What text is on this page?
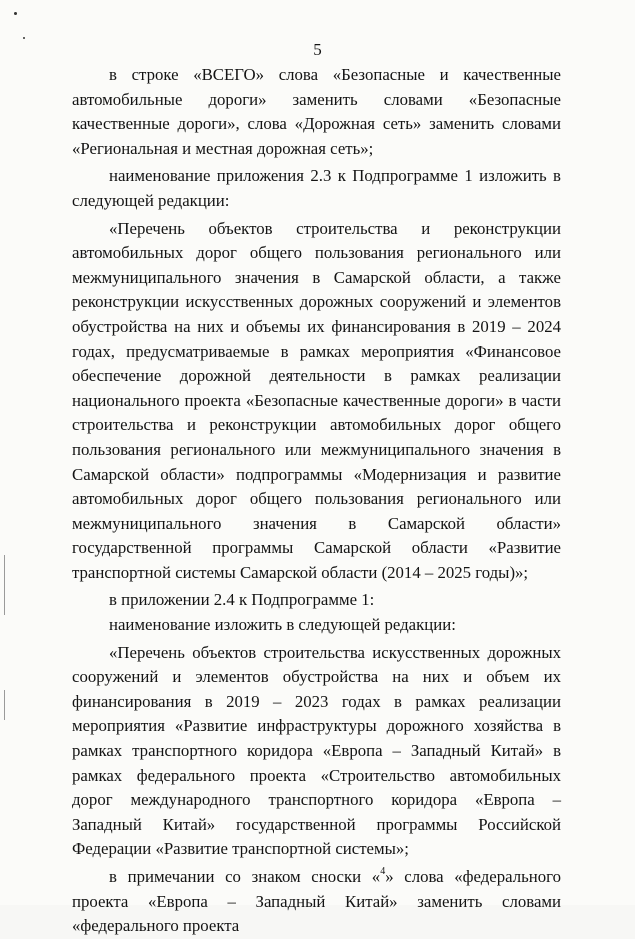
5

в строке «ВСЕГО» слова «Безопасные и качественные автомобильные дороги» заменить словами «Безопасные качественные дороги», слова «Дорожная сеть» заменить словами «Региональная и местная дорожная сеть»;

наименование приложения 2.3 к Подпрограмме 1 изложить в следующей редакции:

«Перечень объектов строительства и реконструкции автомобильных дорог общего пользования регионального или межмуниципального значения в Самарской области, а также реконструкции искусственных дорожных сооружений и элементов обустройства на них и объемы их финансирования в 2019 – 2024 годах, предусматриваемые в рамках мероприятия «Финансовое обеспечение дорожной деятельности в рамках реализации национального проекта «Безопасные качественные дороги» в части строительства и реконструкции автомобильных дорог общего пользования регионального или межмуниципального значения в Самарской области» подпрограммы «Модернизация и развитие автомобильных дорог общего пользования регионального или межмуниципального значения в Самарской области» государственной программы Самарской области «Развитие транспортной системы Самарской области (2014 – 2025 годы)»;

в приложении 2.4 к Подпрограмме 1:

наименование изложить в следующей редакции:

«Перечень объектов строительства искусственных дорожных сооружений и элементов обустройства на них и объем их финансирования в 2019 – 2023 годах в рамках реализации мероприятия «Развитие инфраструктуры дорожного хозяйства в рамках транспортного коридора «Европа – Западный Китай» в рамках федерального проекта «Строительство автомобильных дорог международного транспортного коридора «Европа – Западный Китай» государственной программы Российской Федерации «Развитие транспортной системы»;

в примечании со знаком сноски «$^4$» слова «федерального проекта «Европа – Западный Китай» заменить словами «федерального проекта
